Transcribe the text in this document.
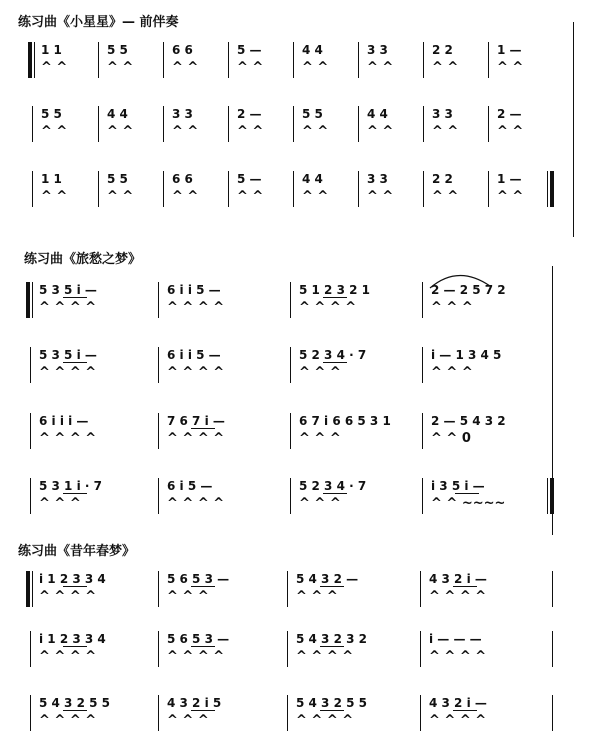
练习曲《小星星》— 前伴奏
1 1
^ ^
5 5
^ ^
6 6
^ ^
5 —
^ ^
4 4
^ ^
3 3
^ ^
2 2
^ ^
1 —
^ ^
5 5
^ ^
4 4
^ ^
3 3
^ ^
2 —
^ ^
5 5
^ ^
4 4
^ ^
3 3
^ ^
2 —
^ ^
1 1
^ ^
5 5
^ ^
6 6
^ ^
5 —
^ ^
4 4
^ ^
3 3
^ ^
2 2
^ ^
1 —
^ ^
练习曲《旅愁之梦》
5 3 5 i —
^ ^ ^ ^
6 i i 5 —
^ ^ ^ ^
5 1 2 3 2 1
^ ^ ^ ^
2 — 2 5 7 2
^ ^ ^
5 3 5 i —
^ ^ ^ ^
6 i i 5 —
^ ^ ^ ^
5 2 3 4 · 7
^ ^ ^
i — 1 3 4 5
^ ^ ^
6 i i i —
^ ^ ^ ^
7 6 7 i —
^ ^ ^ ^
6 7 i 6 6 5 3 1
^ ^ ^
2 — 5 4 3 2
^ ^ 0
5 3 1 i · 7
^ ^ ^
6 i 5 —
^ ^ ^ ^
5 2 3 4 · 7
^ ^ ^
i 3 5 i —
^ ^ ~~~~
练习曲《昔年春梦》
i 1 2 3 3 4
^ ^ ^ ^
5 6 5 3 —
^ ^ ^
5 4 3 2 —
^ ^ ^
4 3 2 i —
^ ^ ^ ^
i 1 2 3 3 4
^ ^ ^ ^
5 6 5 3 —
^ ^ ^ ^
5 4 3 2 3 2
^ ^ ^ ^
i — — —
^ ^ ^ ^
5 4 3 2 5 5
^ ^ ^ ^
4 3 2 i 5
^ ^ ^
5 4 3 2 5 5
^ ^ ^ ^
4 3 2 i —
^ ^ ^ ^
